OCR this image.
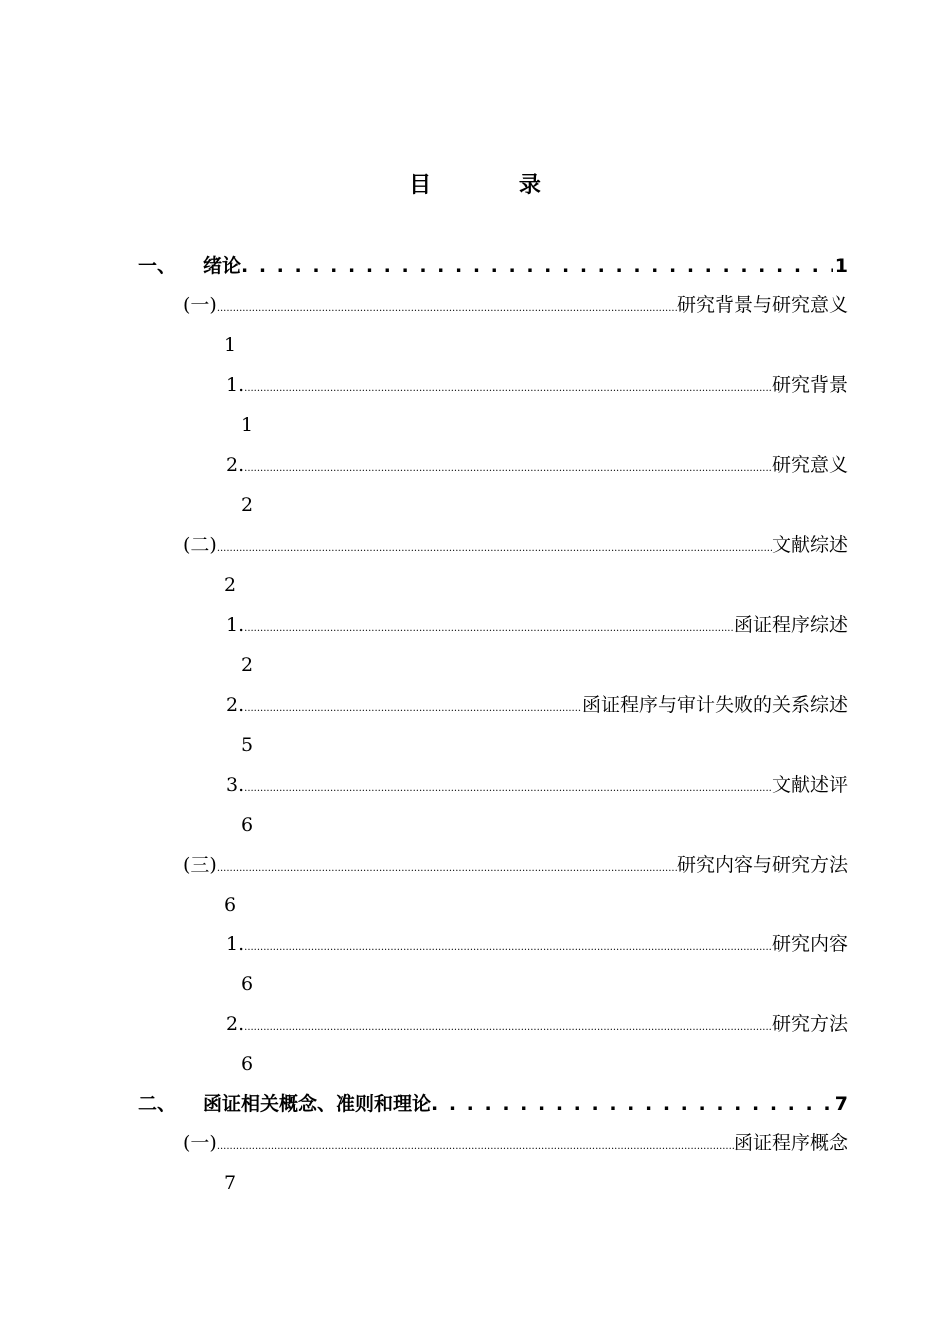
目 录
一、 绪论 . . .	1
(一) .....	研究背景与研究意义
1
1. .....	研究背景
1
2. .....	研究意义
2
(二) .....	文献综述
2
1. .....	函证程序综述
2
2. .....	函证程序与审计失败的关系综述
5
3. .....	文献述评
6
(三) .....	研究内容与研究方法
6
1. .....	研究内容
6
2. .....	研究方法
6
二、 函证相关概念、准则和理论 . . .	7
(一) .....	函证程序概念
7
